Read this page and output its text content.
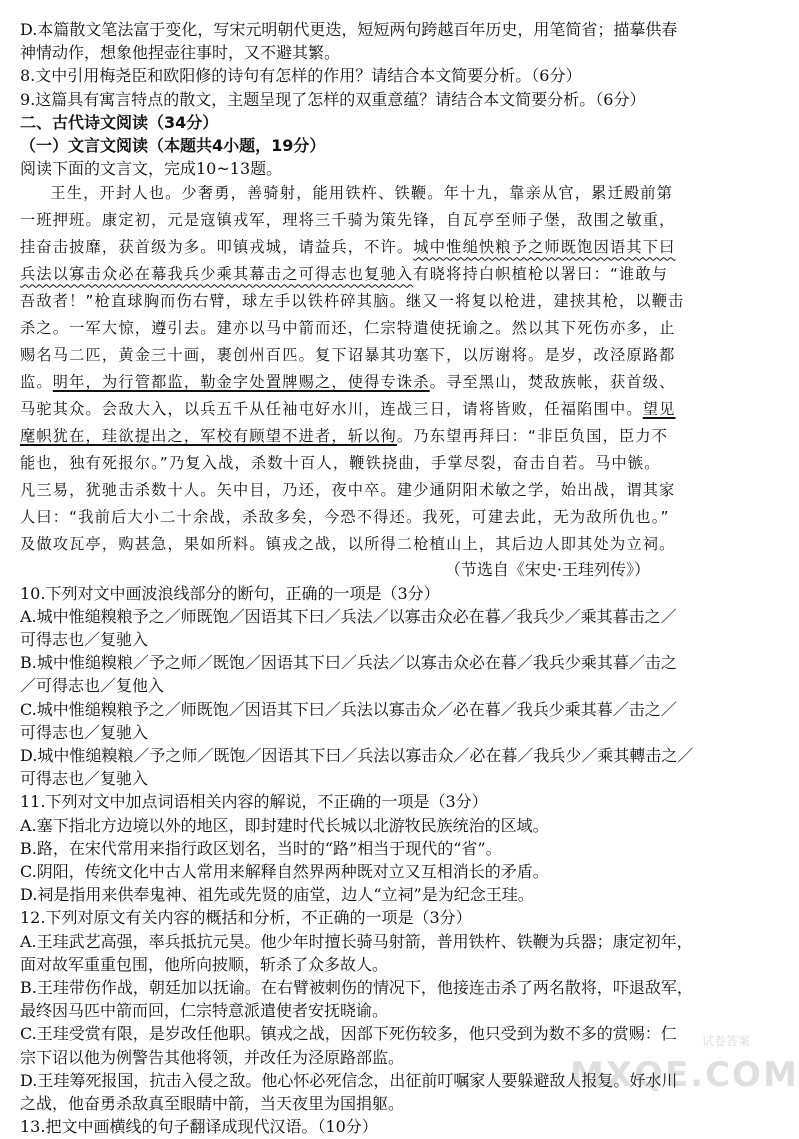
D.本篇散文笔法富于变化，写宋元明朝代更迭，短短两句跨越百年历史，用笔简省；描摹供春
神情动作，想象他捏壶往事时，又不避其繁。
8.文中引用梅尧臣和欧阳修的诗句有怎样的作用？请结合本文简要分析。（6分）
9.这篇具有寓言特点的散文，主题呈现了怎样的双重意蕴？请结合本文简要分析。（6分）
二、古代诗文阅读（34分）
（一）文言文阅读（本题共4小题，19分）
阅读下面的文言文，完成10~13题。
王生，开封人也。少奢勇，善骑射，能用铁杵、铁鞭。年十九，靠亲从官，累迁殿前第
一班押班。康定初，元是寇镇戎军，理将三千骑为策先锋，自瓦亭至师子堡，敌围之敏重，
挂奋击披靡，获首级为多。叩镇戎城，请益兵，不许。城中惟缒怏粮予之师既饱因语其下曰
兵法以寡击众必在幕我兵少乘其幕击之可得志也复驰入有晓将持白帜植枪以署曰：“谁敢与
吾敌者！”枪直球胸而伤右臂，球左手以铁杵碎其脑。继又一将复以枪进，建挟其枪，以鞭击
杀之。一军大惊，遵引去。建亦以马中箭而还，仁宗特遣使抚谕之。然以其下死伤亦多，止
赐名马二匹，黄金三十画，裹创州百匹。复下诏暴其功塞下，以厉谢将。是岁，改泾原路都
监。明年，为行管都监，勒金字处置牌赐之，使得专诛杀。寻至黑山，焚敌族帐，获首级、
马驼其众。会敌大入，以兵五千从任袖屯好水川，连战三日，请将皆败，任福陷围中。望见
麾帜犹在，珪欲提出之，军校有顾望不进者，斩以徇。乃东望再拜曰：“非臣负国，臣力不
能也，独有死报尔。”乃复入战，杀数十百人，鞭铁挠曲，手掌尽裂，奋击自若。马中镞。
凡三易，犹驰击杀数十人。矢中目，乃还，夜中卒。建少通阴阳术敏之学，始出战，谓其家
人曰：“我前后大小二十余战，杀敌多矣，今恐不得还。我死，可建去此，无为敌所仇也。”
及做攻瓦亭，购甚急，果如所料。镇戎之战，以所得二枪植山上，其后边人即其处为立祠。
（节选自《宋史·王珪列传》）
10.下列对文中画波浪线部分的断句，正确的一项是（3分）
A.城中惟缒糗粮予之／师既饱／因语其下曰／兵法／以寡击众必在暮／我兵少／乘其暮击之／
可得志也／复驰入
B.城中惟缒糗粮／予之师／既饱／因语其下曰／兵法／以寡击众必在暮／我兵少乘其暮／击之
／可得志也／复他入
C.城中惟缒糗粮予之／师既饱／因语其下曰／兵法以寡击众／必在暮／我兵少乘其暮／击之／
可得志也／复驰入
D.城中惟缒糗粮／予之师／既饱／因语其下曰／兵法以寡击众／必在暮／我兵少／乘其轉击之／
可得志也／复驰入
11.下列对文中加点词语相关内容的解说，不正确的一项是（3分）
A.塞下指北方边境以外的地区，即封建时代长城以北游牧民族统治的区域。
B.路，在宋代常用来指行政区划名，当时的“路”相当于现代的“省”。
C.阴阳，传统文化中古人常用来解释自然界两种既对立又互相消长的矛盾。
D.祠是指用来供奉鬼神、祖先或先贤的庙堂，边人“立祠”是为纪念王珪。
12.下列对原文有关内容的概括和分析，不正确的一项是（3分）
A.王珪武艺高强，率兵抵抗元昊。他少年时擅长骑马射箭，普用铁杵、铁鞭为兵器；康定初年，
面对故军重重包围，他所向披顺，斩杀了众多故人。
B.王珪带伤作战，朝廷加以抚谕。在右臂被刺伤的情况下，他接连击杀了两名散将，吓退敌军，
最终因马匹中箭而回，仁宗特意派遣使者安抚晓谕。
C.王珪受赏有限，是岁改任他职。镇戎之战，因部下死伤较多，他只受到为数不多的赏赐：仁
宗下诏以他为例警告其他将领，并改任为泾原路部监。
D.王珪筹死报国，抗击入侵之敌。他心怀必死信念，出征前叮嘱家人要躲避敌人报复。好水川
之战，他奋勇杀敌真至眼睛中箭，当天夜里为国捐躯。
13.把文中画横线的句子翻译成现代汉语。（10分）
试卷答案
MXQE.COM
